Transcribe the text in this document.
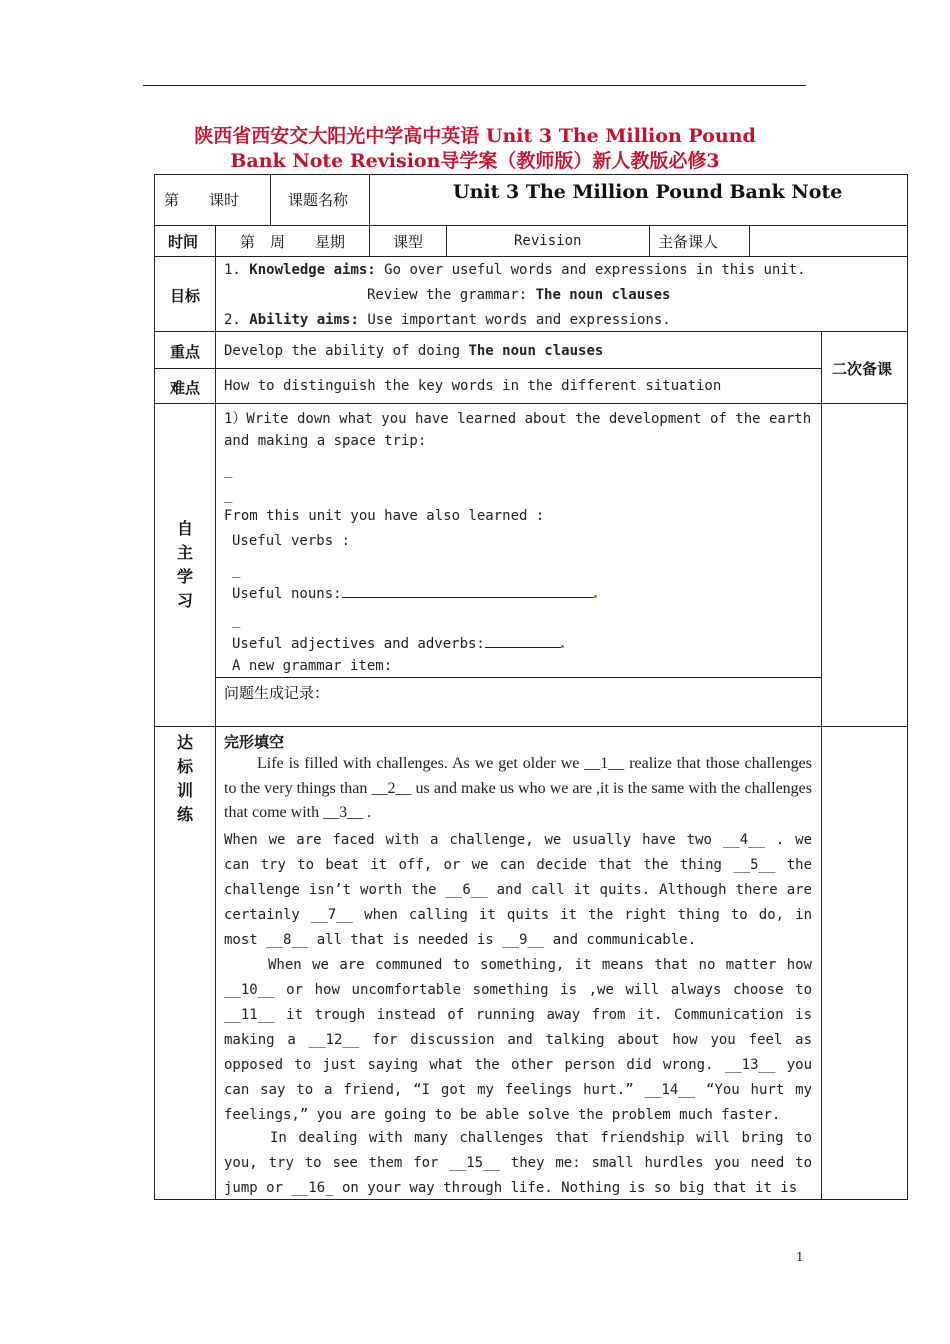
陕西省西安交大阳光中学高中英语 Unit 3 The Million Pound
Bank Note Revision导学案（教师版）新人教版必修3
第　　课时	课题名称	Unit 3 The Million Pound Bank Note
时间	第　周　　星期	课型	Revision	主备课人
目标
1. Knowledge aims: Go over useful words and expressions in this unit.
Review the grammar: The noun clauses
2. Ability aims: Use important words and expressions.
重点 Develop the ability of doing The noun clauses
二次备课
难点 How to distinguish the key words in the different situation
自
主
学
习
1）Write down what you have learned about the development of the earth
and making a space trip:
_
_
From this unit you have also learned :
Useful verbs :
_
Useful nouns:
_
Useful adjectives and adverbs:
A new grammar item:
问题生成记录：
达
标
训
练
完形填空
Life is filled with challenges. As we get older we __1__ realize that those challenges to the very things than __2__ us and make us who we are ,it is the same with the challenges that come with __3__ .
When we are faced with a challenge, we usually have two __4__ . we can try to beat it off, or we can decide that the thing __5__ the challenge isn’t worth the __6__ and call it quits. Although there are certainly __7__ when calling it quits it the right thing to do, in most __8__ all that is needed is __9__ and communicable.
When we are communed to something, it means that no matter how __10__ or how uncomfortable something is ,we will always choose to __11__ it trough instead of running away from it. Communication is making a __12__ for discussion and talking about how you feel as opposed to just saying what the other person did wrong. __13__ you can say to a friend, “I got my feelings hurt.” __14__ “You hurt my feelings,” you are going to be able solve the problem much faster.
In dealing with many challenges that friendship will bring to you, try to see them for __15__ they me: small hurdles you need to jump or __16_ on your way through life. Nothing is so big that it is
1
